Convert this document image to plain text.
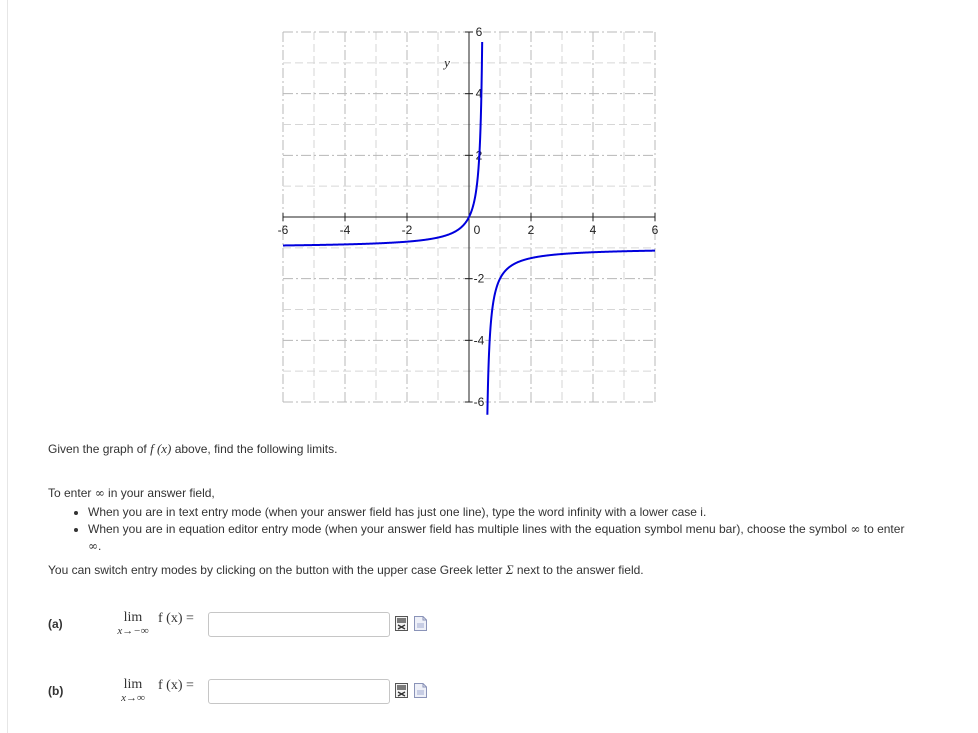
-6	-4	-2	0	2	4	6
6
4
2
-2
-4
-6
y
Given the graph of f (x) above, find the following limits.

To enter ∞ in your answer field,

• When you are in text entry mode (when your answer field has just one line), type the word infinity with a lower case i.
• When you are in equation editor entry mode (when your answer field has multiple lines with the equation symbol menu bar), choose the symbol ∞ to enter ∞.

You can switch entry modes by clicking on the button with the upper case Greek letter Σ next to the answer field.

(a)	lim
x→−∞
f (x) =
(b)	lim
x→∞
f (x) =
